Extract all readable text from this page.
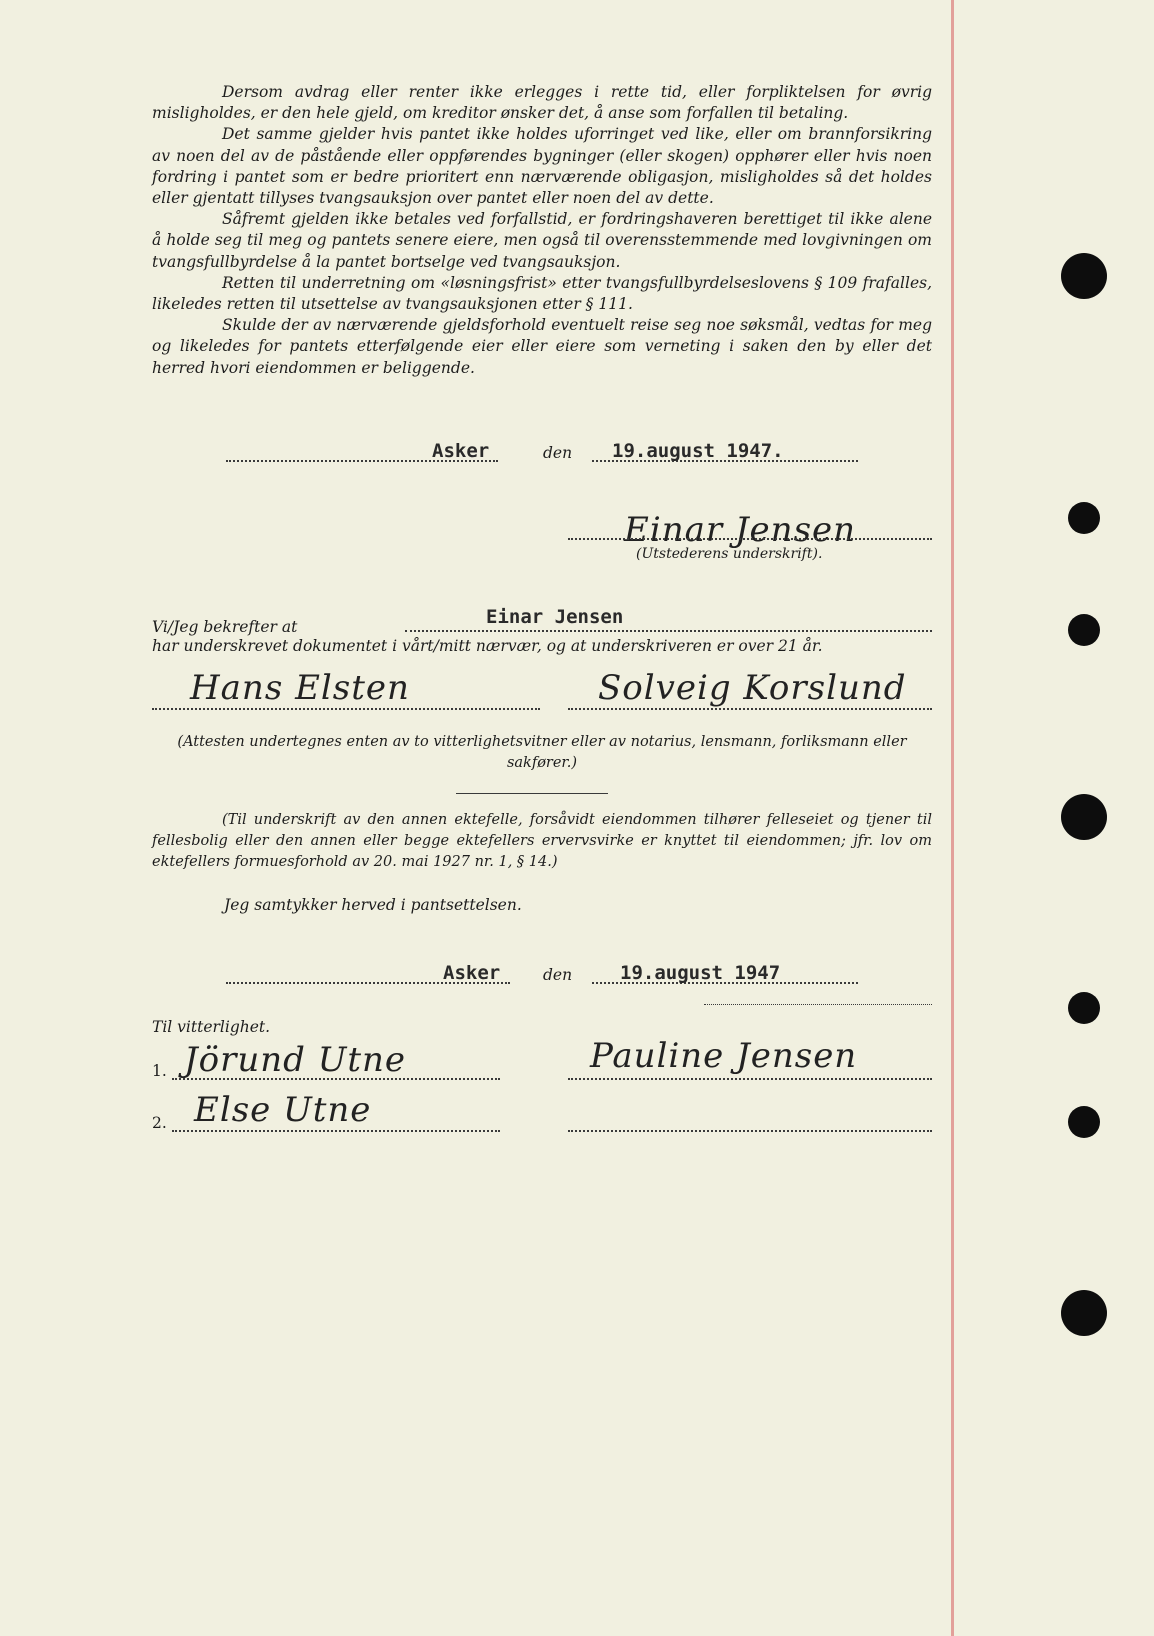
Dersom avdrag eller renter ikke erlegges i rette tid, eller forpliktelsen for øvrig misligholdes, er den hele gjeld, om kreditor ønsker det, å anse som forfallen til betaling.

Det samme gjelder hvis pantet ikke holdes uforringet ved like, eller om brannforsikring av noen del av de påstående eller oppførendes bygninger (eller skogen) opphører eller hvis noen fordring i pantet som er bedre prioritert enn nærværende obligasjon, misligholdes så det holdes eller gjentatt tillyses tvangsauksjon over pantet eller noen del av dette.

Såfremt gjelden ikke betales ved forfallstid, er fordringshaveren berettiget til ikke alene å holde seg til meg og pantets senere eiere, men også til overensstemmende med lovgivningen om tvangsfullbyrdelse å la pantet bortselge ved tvangsauksjon.

Retten til underretning om «løsningsfrist» etter tvangsfullbyrdelseslovens § 109 frafalles, likeledes retten til utsettelse av tvangsauksjonen etter § 111.

Skulde der av nærværende gjeldsforhold eventuelt reise seg noe søksmål, vedtas for meg og likeledes for pantets etterfølgende eier eller eiere som verneting i saken den by eller det herred hvori eiendommen er beliggende.

Asker	den 19.august 1947.
Einar Jensen
(Utstederens underskrift).
Vi/Jeg bekrefter at	Einar Jensen
har underskrevet dokumentet i vårt/mitt nærvær, og at underskriveren er over 21 år.
Hans Elsten	Solveig Korslund

(Attesten undertegnes enten av to vitterlighetsvitner eller av notarius, lensmann, forliksmann eller sakfører.)

(Til underskrift av den annen ektefelle, forsåvidt eiendommen tilhører felleseiet og tjener til fellesbolig eller den annen eller begge ektefellers ervervsvirke er knyttet til eiendommen; jfr. lov om ektefellers formuesforhold av 20. mai 1927 nr. 1, § 14.)

Jeg samtykker herved i pantsettelsen.
Asker	den	19.august 1947
Til vitterlighet.
1. Jörund Utne	Pauline Jensen
2. Else Utne
